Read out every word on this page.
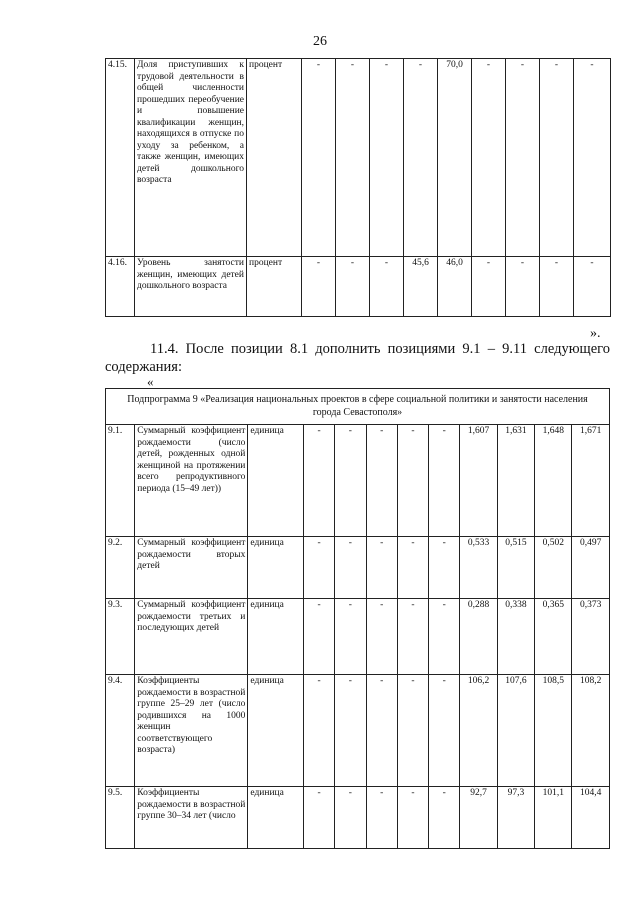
26
4.15.	Доля приступивших к трудовой деятельности в общей численности прошедших переобучение и повышение квалификации женщин, находящихся в отпуске по уходу за ребенком, а также женщин, имеющих детей дошкольного возраста	процент	-	-	-	-	70,0	-	-	-	-
4.16.	Уровень занятости женщин, имеющих детей дошкольного возраста	процент	-	-	-	45,6	46,0	-	-	-	-
».
11.4. После позиции 8.1 дополнить позициями 9.1 – 9.11 следующего
содержания:
«
Подпрограмма 9 «Реализация национальных проектов в сфере социальной политики и занятости населения города Севастополя»											
9.1.	Суммарный коэффициент рождаемости (число детей, рожденных одной женщиной на протяжении всего репродуктивного периода (15–49 лет))	единица	-	-	-	-	-	1,607	1,631	1,648	1,671
9.2.	Суммарный коэффициент рождаемости вторых детей	единица	-	-	-	-	-	0,533	0,515	0,502	0,497
9.3.	Суммарный коэффициент рождаемости третьих и последующих детей	единица	-	-	-	-	-	0,288	0,338	0,365	0,373
9.4.	Коэффициенты рождаемости в возрастной группе 25–29 лет (число родившихся на 1000 женщин соответствующего возраста)	единица	-	-	-	-	-	106,2	107,6	108,5	108,2
9.5.	Коэффициенты рождаемости в возрастной группе 30–34 лет (число	единица	-	-	-	-	-	92,7	97,3	101,1	104,4
